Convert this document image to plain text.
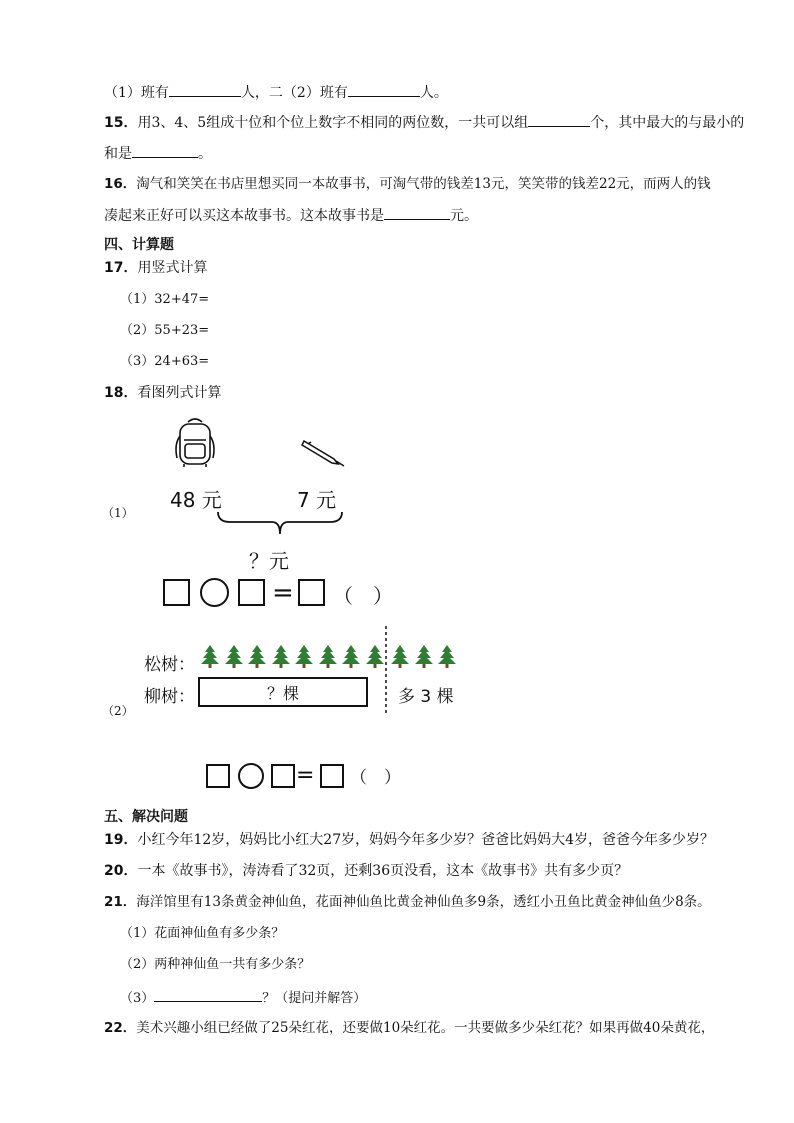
（1）班有	人，二（2）班有	人。
15．用3、4、5组成十位和个位上数字不相同的两位数，一共可以组	个，其中最大的与最小的
和是	。
16．淘气和笑笑在书店里想买同一本故事书，可淘气带的钱差13元，笑笑带的钱差22元，而两人的钱
凑起来正好可以买这本故事书。这本故事书是	元。
四、计算题
17．用竖式计算
（1）32+47=
（2）55+23=
（3）24+63=
18．看图列式计算
（1）
48 元	7 元
？元
= （　）
松树：
柳树：	？棵	多 3 棵
（2）
= （　）
五、解决问题
19．小红今年12岁，妈妈比小红大27岁，妈妈今年多少岁？爸爸比妈妈大4岁，爸爸今年多少岁？
20．一本《故事书》，涛涛看了32页，还剩36页没看，这本《故事书》共有多少页？
21．海洋馆里有13条黄金神仙鱼，花面神仙鱼比黄金神仙鱼多9条，透红小丑鱼比黄金神仙鱼少8条。
（1）花面神仙鱼有多少条？
（2）两种神仙鱼一共有多少条？
（3）	？（提问并解答）
22．美术兴趣小组已经做了25朵红花，还要做10朵红花。一共要做多少朵红花？如果再做40朵黄花，
